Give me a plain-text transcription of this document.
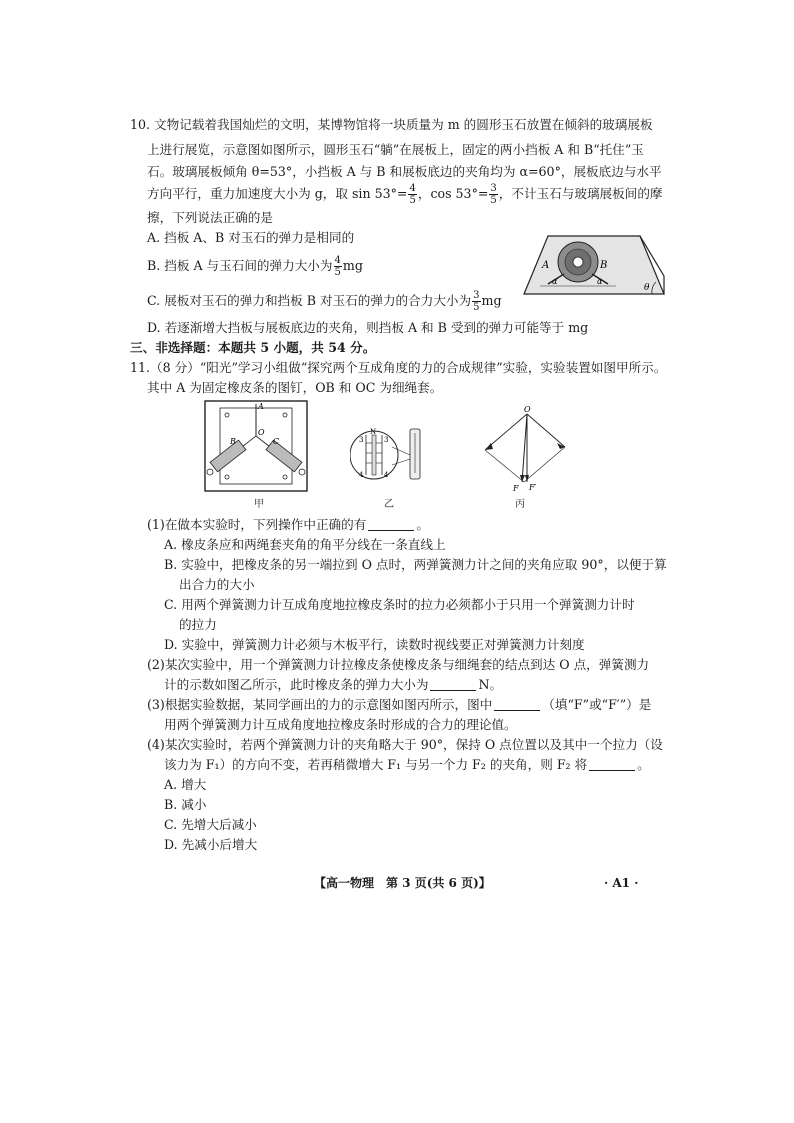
10. 文物记载着我国灿烂的文明，某博物馆将一块质量为 m 的圆形玉石放置在倾斜的玻璃展板
上进行展览，示意图如图所示，圆形玉石“躺”在展板上，固定的两小挡板 A 和 B“托住”玉
石。玻璃展板倾角 θ=53°，小挡板 A 与 B 和展板底边的夹角均为 α=60°，展板底边与水平
方向平行，重力加速度大小为 g，取 $\sin 53^\circ= \frac{4}{5}$ ，$\cos 53^\circ= \frac{3}{5}$ ，不计玉石与玻璃展板间的摩
擦，下列说法正确的是
A. 挡板 A、B 对玉石的弹力是相同的
B. 挡板 A 与玉石间的弹力大小为 $\frac{4}{5}$ mg
C. 展板对玉石的弹力和挡板 B 对玉石的弹力的合力大小为 $\frac{3}{5}$ mg
D. 若逐渐增大挡板与展板底边的夹角，则挡板 A 和 B 受到的弹力可能等于 mg
A	B
α	α
θ
三、非选择题：本题共 5 小题，共 54 分。
11.（8 分）“阳光”学习小组做“探究两个互成角度的力的合成规律”实验，实验装置如图甲所示。
其中 A 为固定橡皮条的图钉，OB 和 OC 为细绳套。
A
O
B	C
N
3	3
4	4
O
F F′
甲	乙	丙
(1)在做本实验时，下列操作中正确的有	。
A. 橡皮条应和两绳套夹角的角平分线在一条直线上
B. 实验中，把橡皮条的另一端拉到 O 点时，两弹簧测力计之间的夹角应取 90°，以便于算
出合力的大小
C. 用两个弹簧测力计互成角度地拉橡皮条时的拉力必须都小于只用一个弹簧测力计时
的拉力
D. 实验中，弹簧测力计必须与木板平行，读数时视线要正对弹簧测力计刻度
(2)某次实验中，用一个弹簧测力计拉橡皮条使橡皮条与细绳套的结点到达 O 点，弹簧测力
计的示数如图乙所示，此时橡皮条的弹力大小为	N。
(3)根据实验数据，某同学画出的力的示意图如图丙所示，图中	（填“F”或“F′”）是
用两个弹簧测力计互成角度地拉橡皮条时形成的合力的理论值。
(4)某次实验时，若两个弹簧测力计的夹角略大于 90°，保持 O 点位置以及其中一个拉力（设
该力为 F₁）的方向不变，若再稍微增大 F₁ 与另一个力 F₂ 的夹角，则 F₂ 将	。
A. 增大
B. 减小
C. 先增大后减小
D. 先减小后增大
【高一物理　第 3 页(共 6 页)】	· A1 ·
